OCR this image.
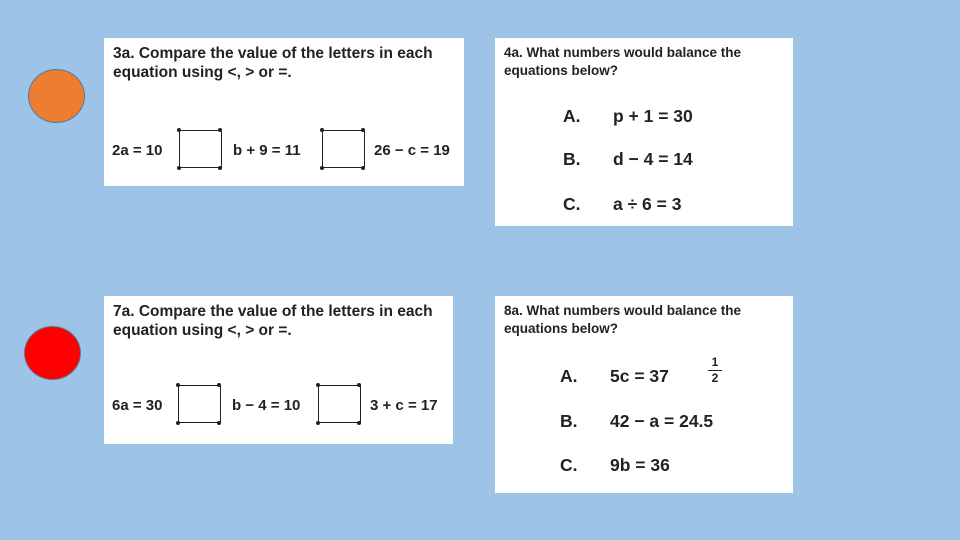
3a. Compare the value of the letters in each equation using <, > or =.
2a = 10	b + 9 = 11	26 − c = 19
4a. What numbers would balance the equations below?
A. p + 1 = 30
B. d − 4 = 14
C. a ÷ 6 = 3
7a. Compare the value of the letters in each equation using <, > or =.
6a = 30	b − 4 = 10	3 + c = 17
8a. What numbers would balance the equations below?
A. 5c = 37
1
2
B. 42 − a = 24.5
C. 9b = 36
